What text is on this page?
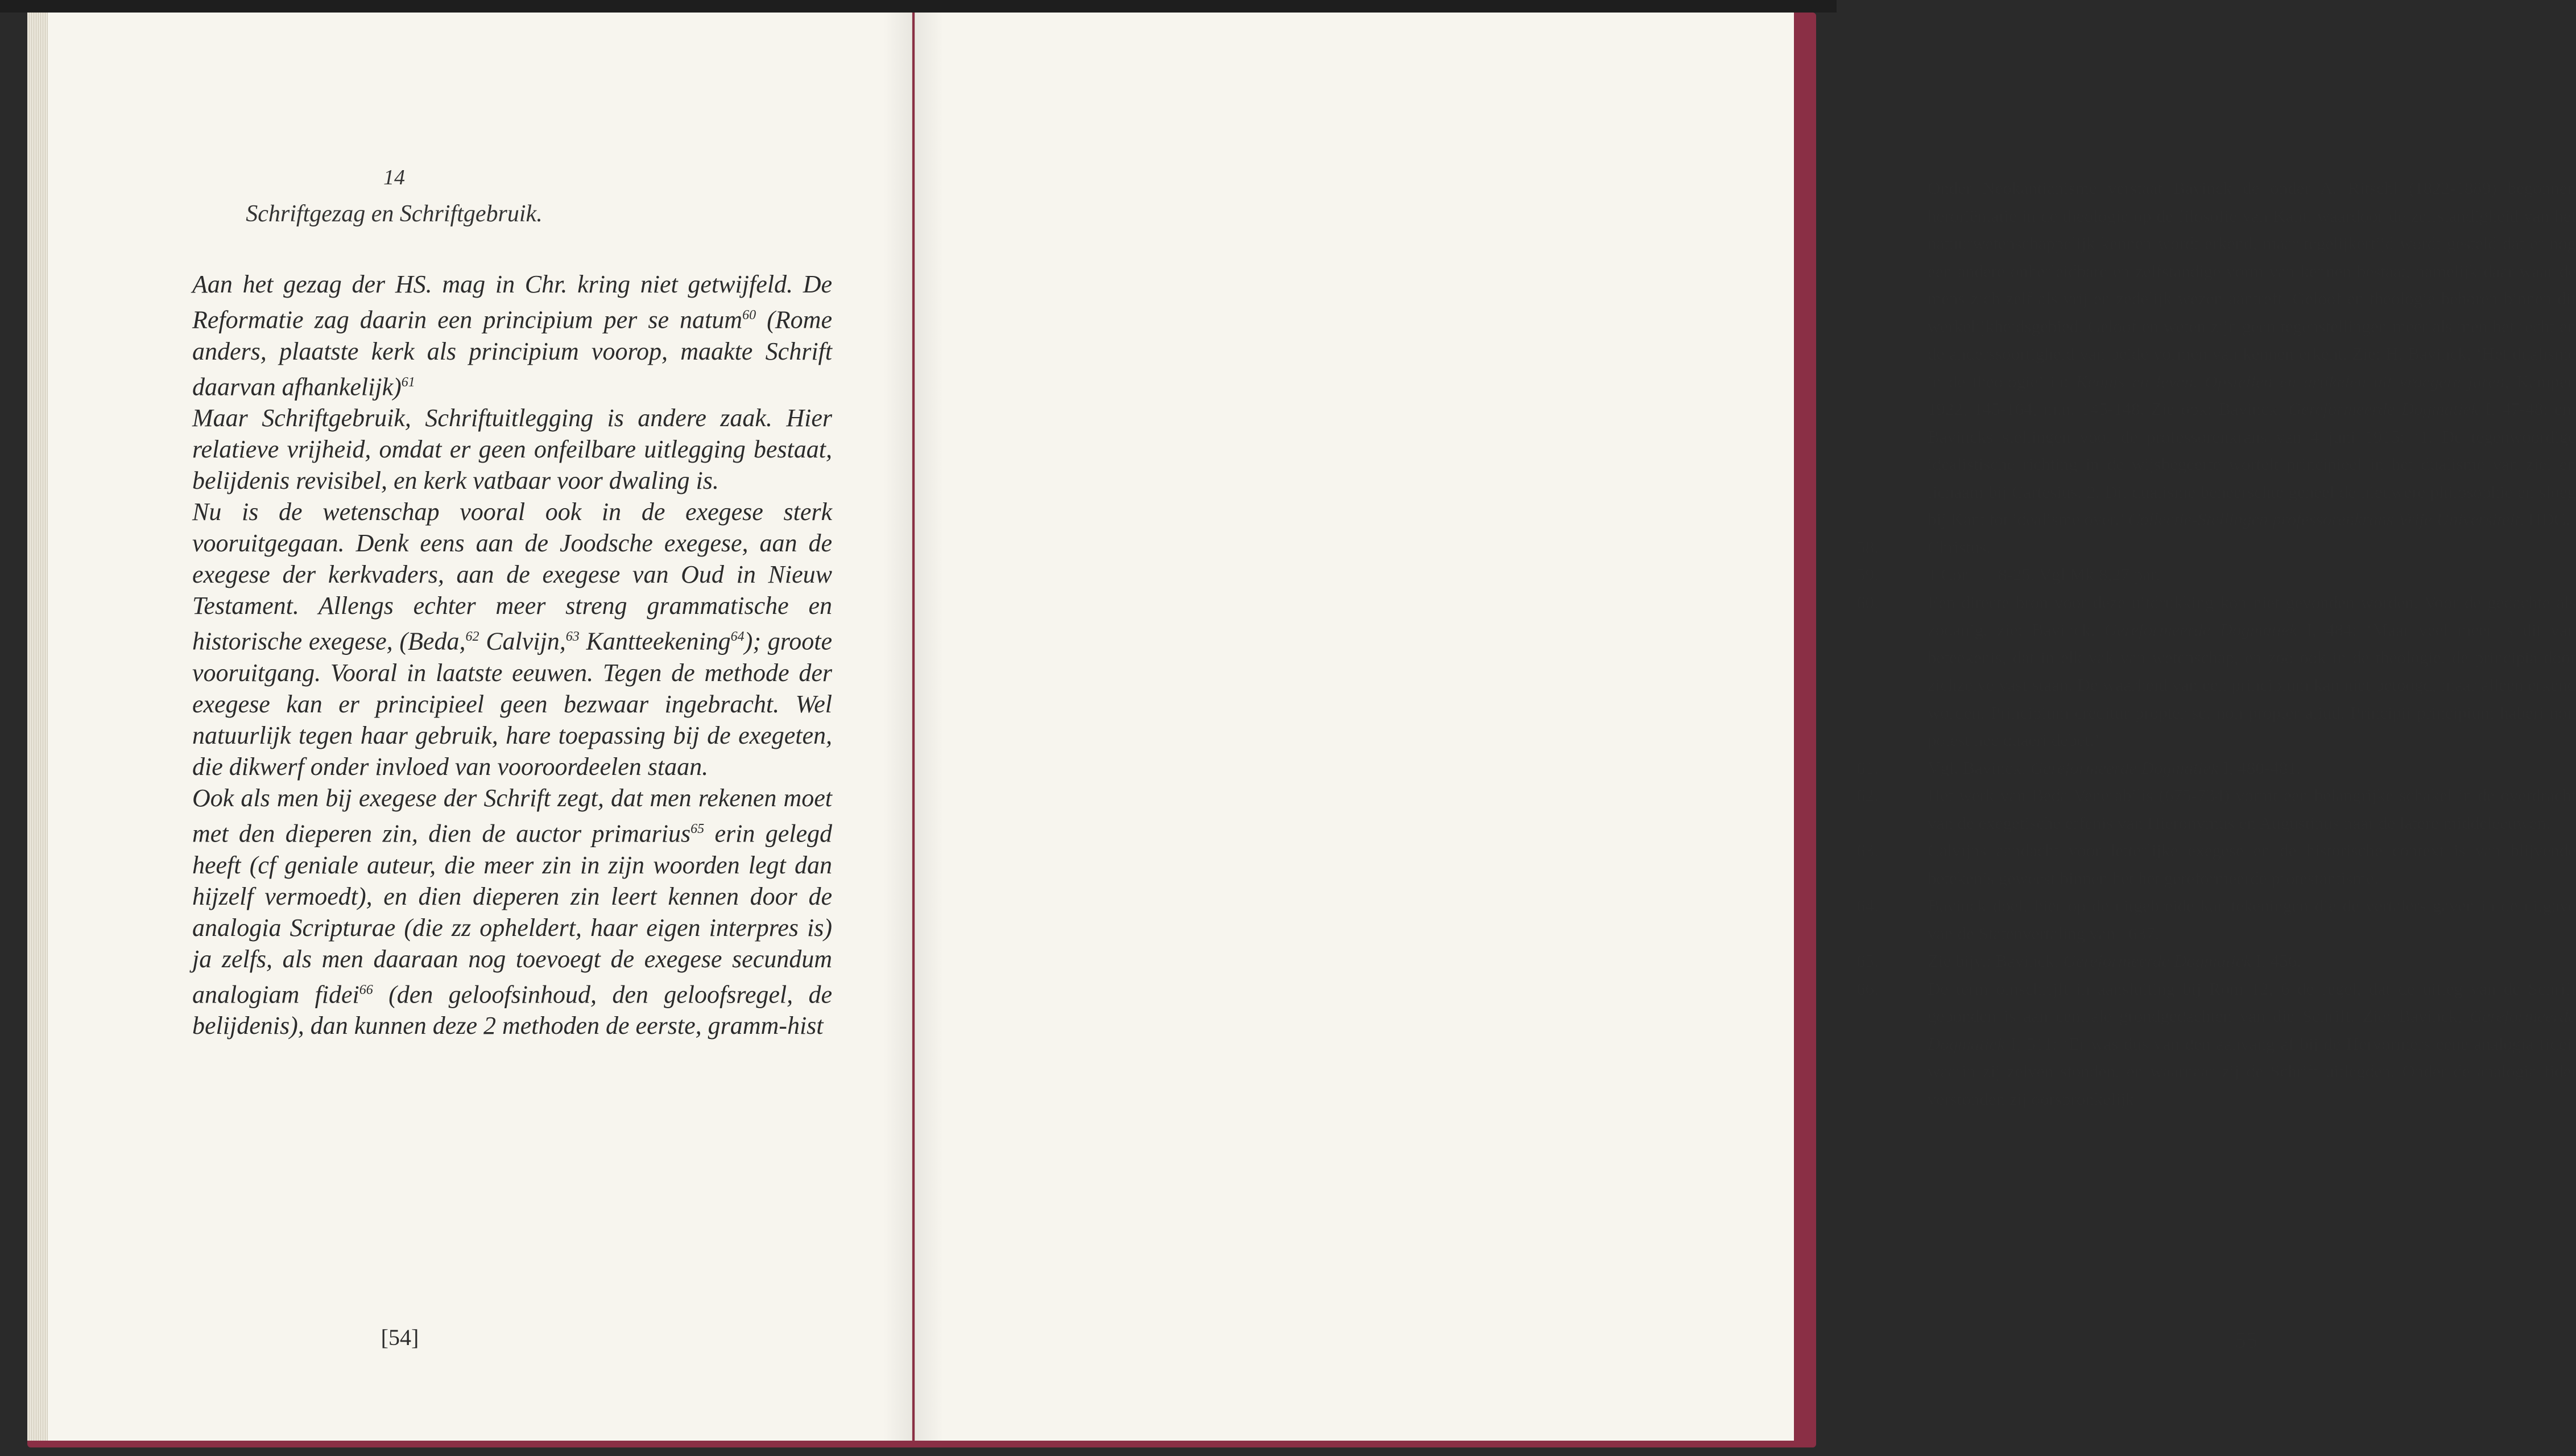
14
Schriftgezag en Schriftgebruik.

Aan het gezag der HS. mag in Chr. kring niet getwijfeld. De Reformatie zag daarin een principium per se natum$^{60}$ (Rome anders, plaatste kerk als principium voorop, maakte Schrift daarvan afhankelijk)$^{61}$

Maar Schriftgebruik, Schriftuitlegging is andere zaak. Hier relatieve vrijheid, omdat er geen onfeilbare uitlegging bestaat, belijdenis revisibel, en kerk vatbaar voor dwaling is.

Nu is de wetenschap vooral ook in de exegese sterk vooruitgegaan. Denk eens aan de Joodsche exegese, aan de exegese der kerkvaders, aan de exegese van Oud in Nieuw Testament. Allengs echter meer streng grammatische en historische exegese, (Beda,$^{62}$ Calvijn,$^{63}$ Kantteekening$^{64}$); groote vooruitgang. Vooral in laatste eeuwen. Tegen de methode der exegese kan er principieel geen bezwaar ingebracht. Wel natuurlijk tegen haar gebruik, hare toepassing bij de exegeten, die dikwerf onder invloed van vooroordeelen staan.

Ook als men bij exegese der Schrift zegt, dat men rekenen moet met den dieperen zin, dien de auctor primarius$^{65}$ erin gelegd heeft (cf geniale auteur, die meer zin in zijn woorden legt dan hijzelf vermoedt), en dien dieperen zin leert kennen door de analogia Scripturae (die zz opheldert, haar eigen interpres is) ja zelfs, als men daaraan nog toevoegt de exegese secundum analogiam fidei$^{66}$ (den geloofsinhoud, den geloofsregel, de belijdenis), dan kunnen deze 2 methoden de eerste, gramm-hist

[54]

Onder Neokantianisme verstaat Bavinck de onder A. Ritschl (1822-1889) begonnen heroriëntatie in de theologie op de filosofie van Kant, waardoor de zelfstandigheid van het natuurwetenschappelijk kennen wordt erkend, maar tegelijkertijd wordt gesteld dat er nog een andere onherleidbare en zelfstandige vorm van kennen bestaat, namelijk daar waar de mens zich zelf als vrij en zedelijk wezen aantreft. Geloof en theologie behoren binnen dit werkelijkheidsgebied. Geloof en weten zijn geen tegenstellingen meer als men het recht en de anderssoortigheid van beide vormen van kennen erkent. Zie: H. Bavinck, ‘Het dualisme in de theologie’ in: Kennis en leven. Opstellen en artikelen uit vroegere jaren, Kampen 1922, 145-164, m.n. 145-148. Zie ook: Bavinck, Gereformeerde Dogmatiek I, 47-48; en: Bavincks stellingen voor de professorenkrans van 4 juni 1915: ‘1. De tegenwoordige idealistische richting in de wijsbegeerte wortelt principieel in het dualisme van ziel en lichaam bij Cartesius. 2. Dit dualisme beheerschte geheel de nieuwere philosophie en sloeg bij Kant tot idealisme over.’ Collectie-Stellingen professorenkrans Vrije Universiteit, HDC.

58.	Christus.
59.	1 Cor 1, 18-25. Vgl Mk 8,27 par.
60.	Een directe bron voor deze uitdrukking kon niet gevonden worden. Voor de gedachte als zodanig, zie: Bavinck, Gereformeerde Dogmatiek I, 484: ‘Maar veel meer is dit van beteekenis, dat in elk vak van wetenschap, en zoo ook in de theologie, de principia door zichzelve vast staan. De waarheid van een principium kan niet betoogd, maar alleen erkend worden. Principium creditur propter se, non propter aliud. Principii principium haberi non potest nec quaeri debet.’
61.	Vgl. Bavinck, Gereformeerde Dogmatiek I, 480-481.
62.	Het werk van Beda Venerabilis (675-734) vormt een belangrijke schakel in de overdracht van de exegetische erfenis van Hieronymus en Augustinus naar de latere middeleeuwen.
63.	Calvijns aandacht voor letterlijke exegese en de historische context is van blijvende betekenis geweest binnen het het gereformeerde protestantisme.
64.	Bavinck doelt hier op de uitgebreide kanttekeningen die de vertalers gaven in de uitgave van de Statenvertaling van 1637.
65.	Zie bijv.: Bavinck, Gereformeerde Dogmatiek I, 456.
66.	De term omschrijft in aansluiting bij Rom 12, 6 de regel, dat de uitleg van de Schrift gebonden is aan centrale grondgedachten van die Schrift. Zie: Bavinck, Gereformeerde Dogmatiek I, 511: ‘Er was dus van den aanvang af bij de Hervormers eene analogia fidei, waarin zij zelven stonden, en waarnaar zij de Schrift uitlegden. Onder de analogia fidei verstonden zij oorspronkelijk
55
